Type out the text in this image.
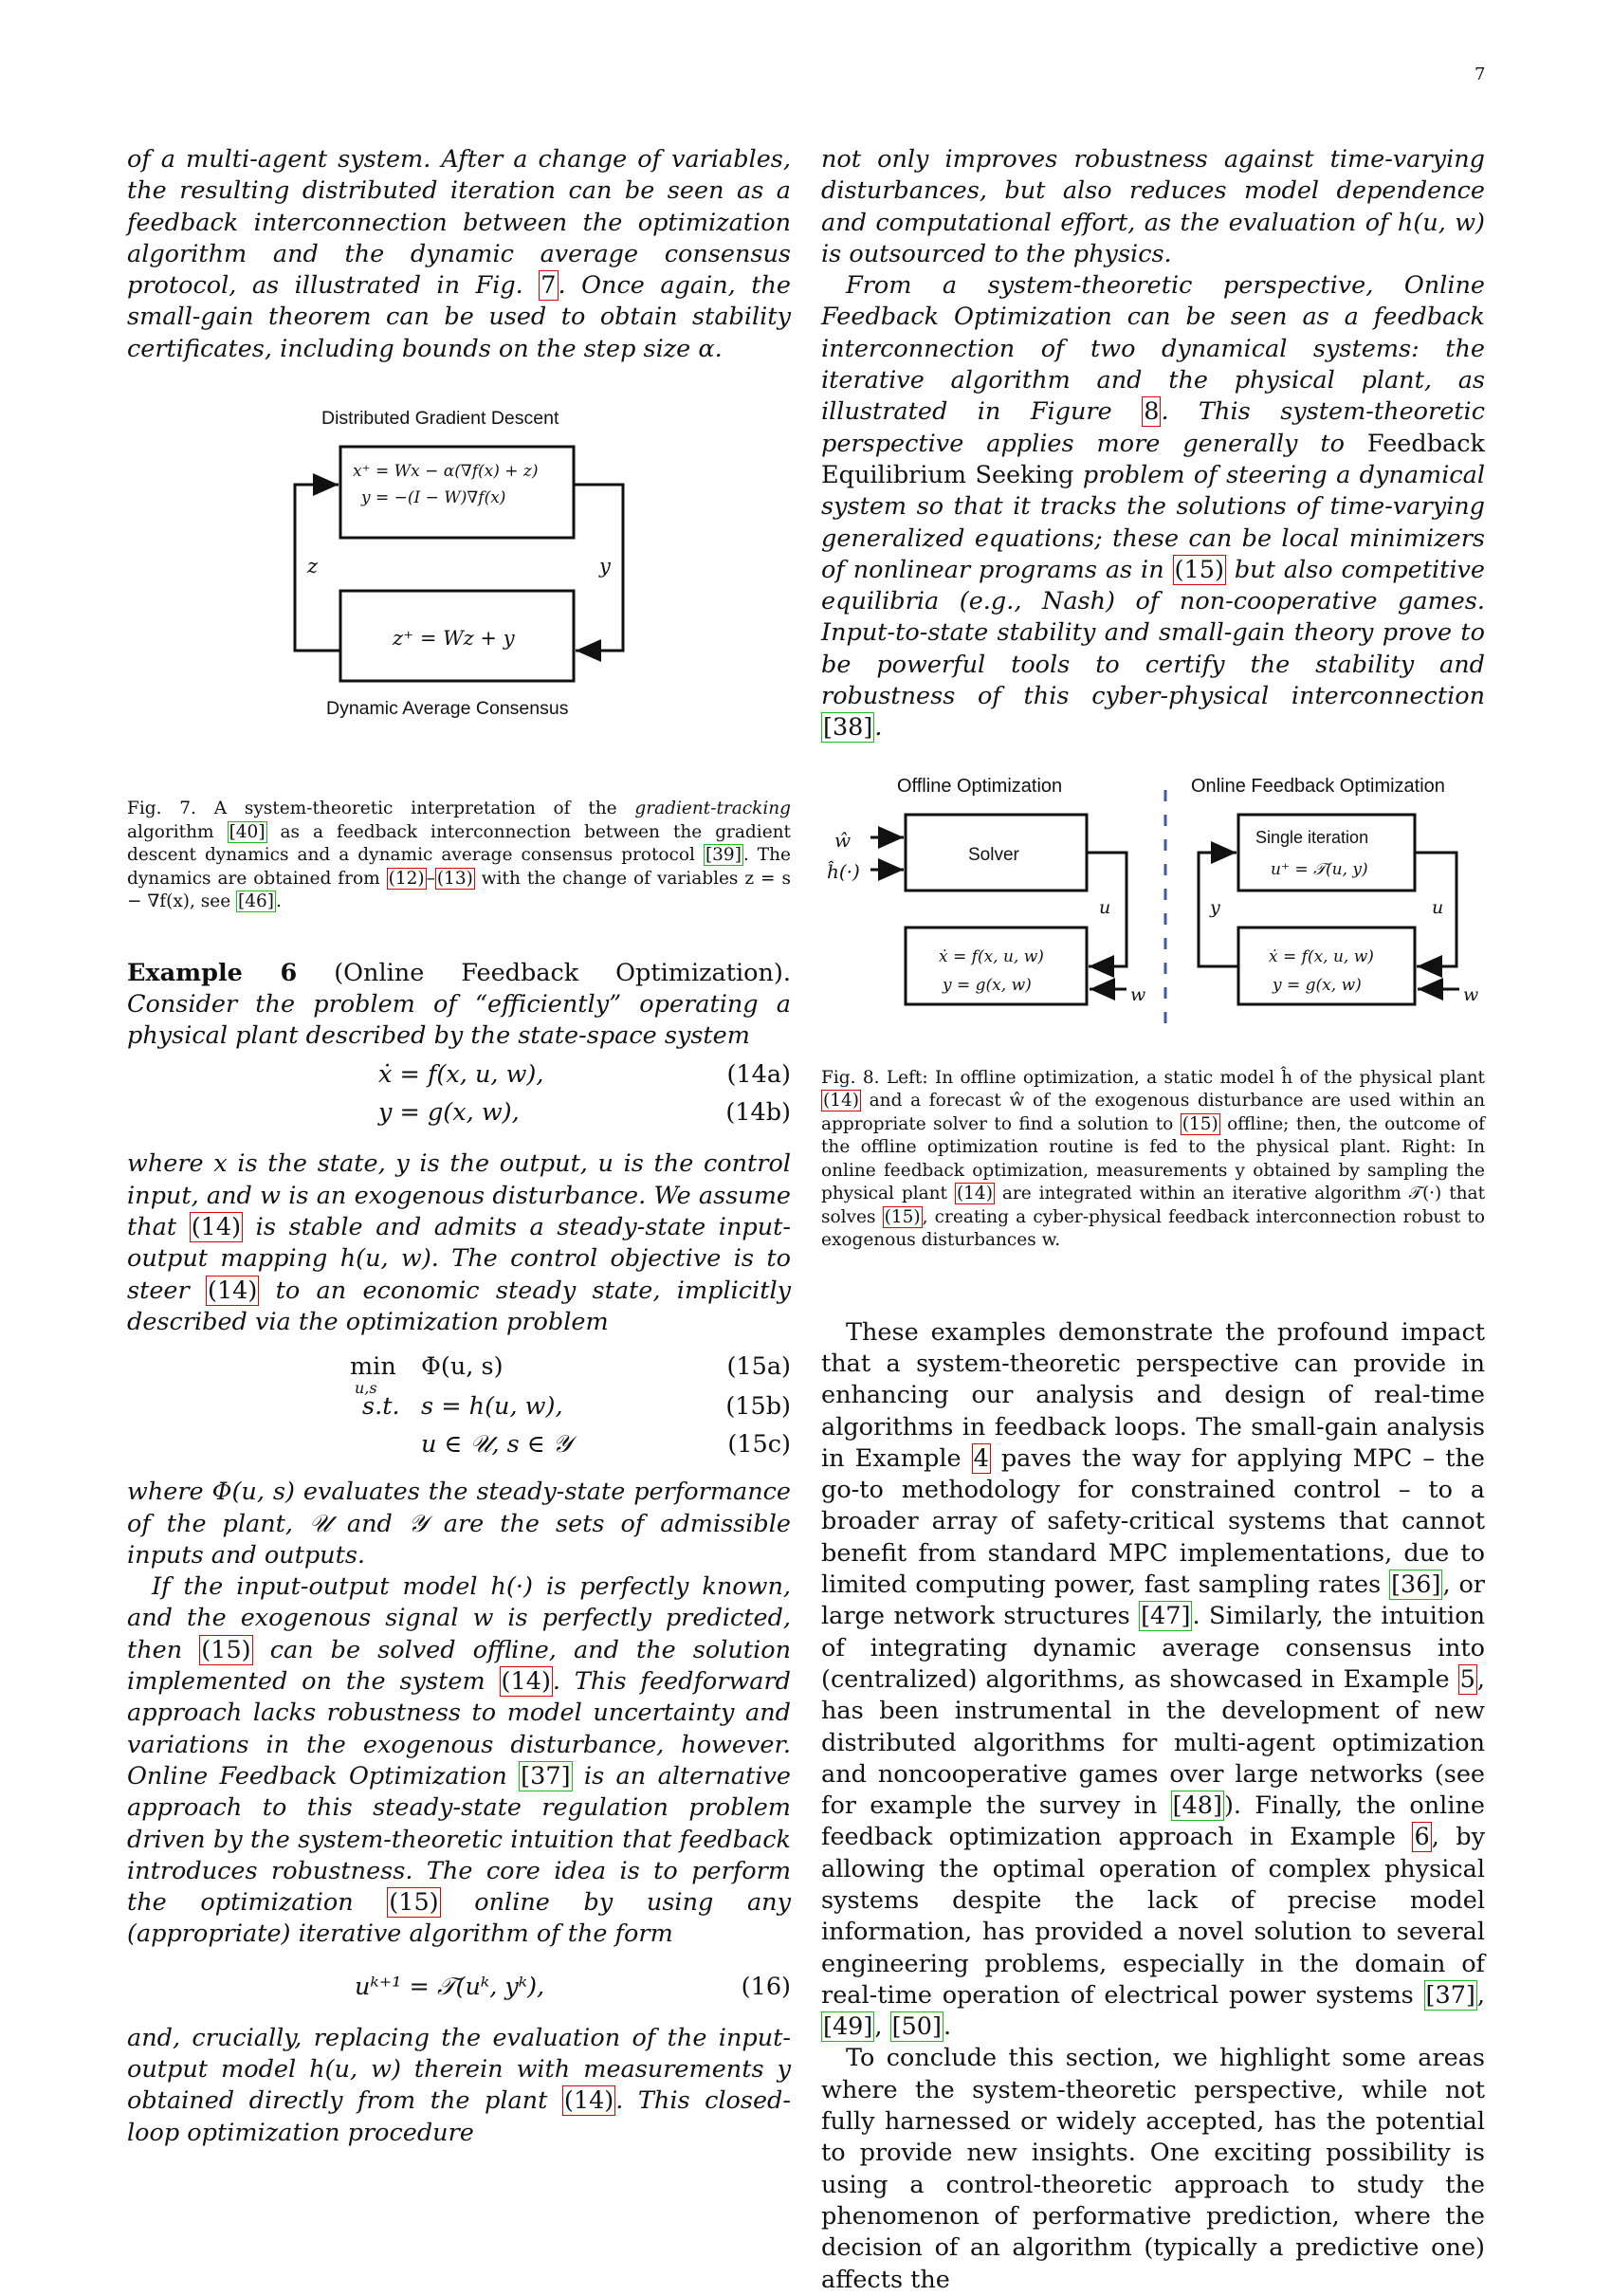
7

of a multi-agent system. After a change of variables, the resulting distributed iteration can be seen as a feedback interconnection between the optimization algorithm and the dynamic average consensus protocol, as illustrated in Fig. 7. Once again, the small-gain theorem can be used to obtain stability certificates, including bounds on the step size α.

Distributed Gradient Descent
x⁺ = Wx − α(∇f(x) + z)
y = −(I − W)∇f(x)
z⁺ = Wz + y
z	y
Dynamic Average Consensus

Fig. 7. A system-theoretic interpretation of the gradient-tracking algorithm [40] as a feedback interconnection between the gradient descent dynamics and a dynamic average consensus protocol [39] . The dynamics are obtained from (12) – (13) with the change of variables z = s − ∇f(x), see [46] .

Example 6 (Online Feedback Optimization). Consider the problem of “efficiently” operating a physical plant described by the state-space system

ẋ = f(x, u, w),	(14a)
y = g(x, w),	(14b)

where x is the state, y is the output, u is the control input, and w is an exogenous disturbance. We assume that (14) is stable and admits a steady-state input-output mapping h(u, w). The control objective is to steer (14) to an economic steady state, implicitly described via the optimization problem

min
u,s
Φ(u, s)	(15a)
s.t. s = h(u, w),	(15b)
u ∈ 𝒰, s ∈ 𝒴	(15c)

where Φ(u, s) evaluates the steady-state performance of the plant, 𝒰 and 𝒴 are the sets of admissible inputs and outputs.

If the input-output model h(·) is perfectly known, and the exogenous signal w is perfectly predicted, then (15) can be solved offline, and the solution implemented on the system (14). This feedforward approach lacks robustness to model uncertainty and variations in the exogenous disturbance, however. Online Feedback Optimization [37] is an alternative approach to this steady-state regulation problem driven by the system-theoretic intuition that feedback introduces robustness. The core idea is to perform the optimization (15) online by using any (appropriate) iterative algorithm of the form

uᵏ⁺¹ = 𝒯(uᵏ, yᵏ),	(16)

and, crucially, replacing the evaluation of the input-output model h(u, w) therein with measurements y obtained directly from the plant (14). This closed-loop optimization procedure

not only improves robustness against time-varying disturbances, but also reduces model dependence and computational effort, as the evaluation of h(u, w) is outsourced to the physics.

From a system-theoretic perspective, Online Feedback Optimization can be seen as a feedback interconnection of two dynamical systems: the iterative algorithm and the physical plant, as illustrated in Figure 8. This system-theoretic perspective applies more generally to Feedback Equilibrium Seeking problem of steering a dynamical system so that it tracks the solutions of time-varying generalized equations; these can be local minimizers of nonlinear programs as in (15) but also competitive equilibria (e.g., Nash) of non-cooperative games. Input-to-state stability and small-gain theory prove to be powerful tools to certify the stability and robustness of this cyber-physical interconnection [38].

Offline Optimization	Online Feedback Optimization
ŵ
ĥ(·)
Solver
ẋ = f(x, u, w)
y = g(x, w)
u
w
Single iteration
u⁺ = 𝒯(u, y)
y	u
ẋ = f(x, u, w)
y = g(x, w)	w

Fig. 8. Left: In offline optimization, a static model ĥ of the physical plant (14) and a forecast ŵ of the exogenous disturbance are used within an appropriate solver to find a solution to (15) offline; then, the outcome of the offline optimization routine is fed to the physical plant. Right: In online feedback optimization, measurements y obtained by sampling the physical plant (14) are integrated within an iterative algorithm 𝒯(·) that solves (15) , creating a cyber-physical feedback interconnection robust to exogenous disturbances w.

These examples demonstrate the profound impact that a system-theoretic perspective can provide in enhancing our analysis and design of real-time algorithms in feedback loops. The small-gain analysis in Example 4 paves the way for applying MPC – the go-to methodology for constrained control – to a broader array of safety-critical systems that cannot benefit from standard MPC implementations, due to limited computing power, fast sampling rates [36], or large network structures [47]. Similarly, the intuition of integrating dynamic average consensus into (centralized) algorithms, as showcased in Example 5, has been instrumental in the development of new distributed algorithms for multi-agent optimization and noncooperative games over large networks (see for example the survey in [48]). Finally, the online feedback optimization approach in Example 6, by allowing the optimal operation of complex physical systems despite the lack of precise model information, has provided a novel solution to several engineering problems, especially in the domain of real-time operation of electrical power systems [37], [49], [50].

To conclude this section, we highlight some areas where the system-theoretic perspective, while not fully harnessed or widely accepted, has the potential to provide new insights. One exciting possibility is using a control-theoretic approach to study the phenomenon of performative prediction, where the decision of an algorithm (typically a predictive one) affects the
